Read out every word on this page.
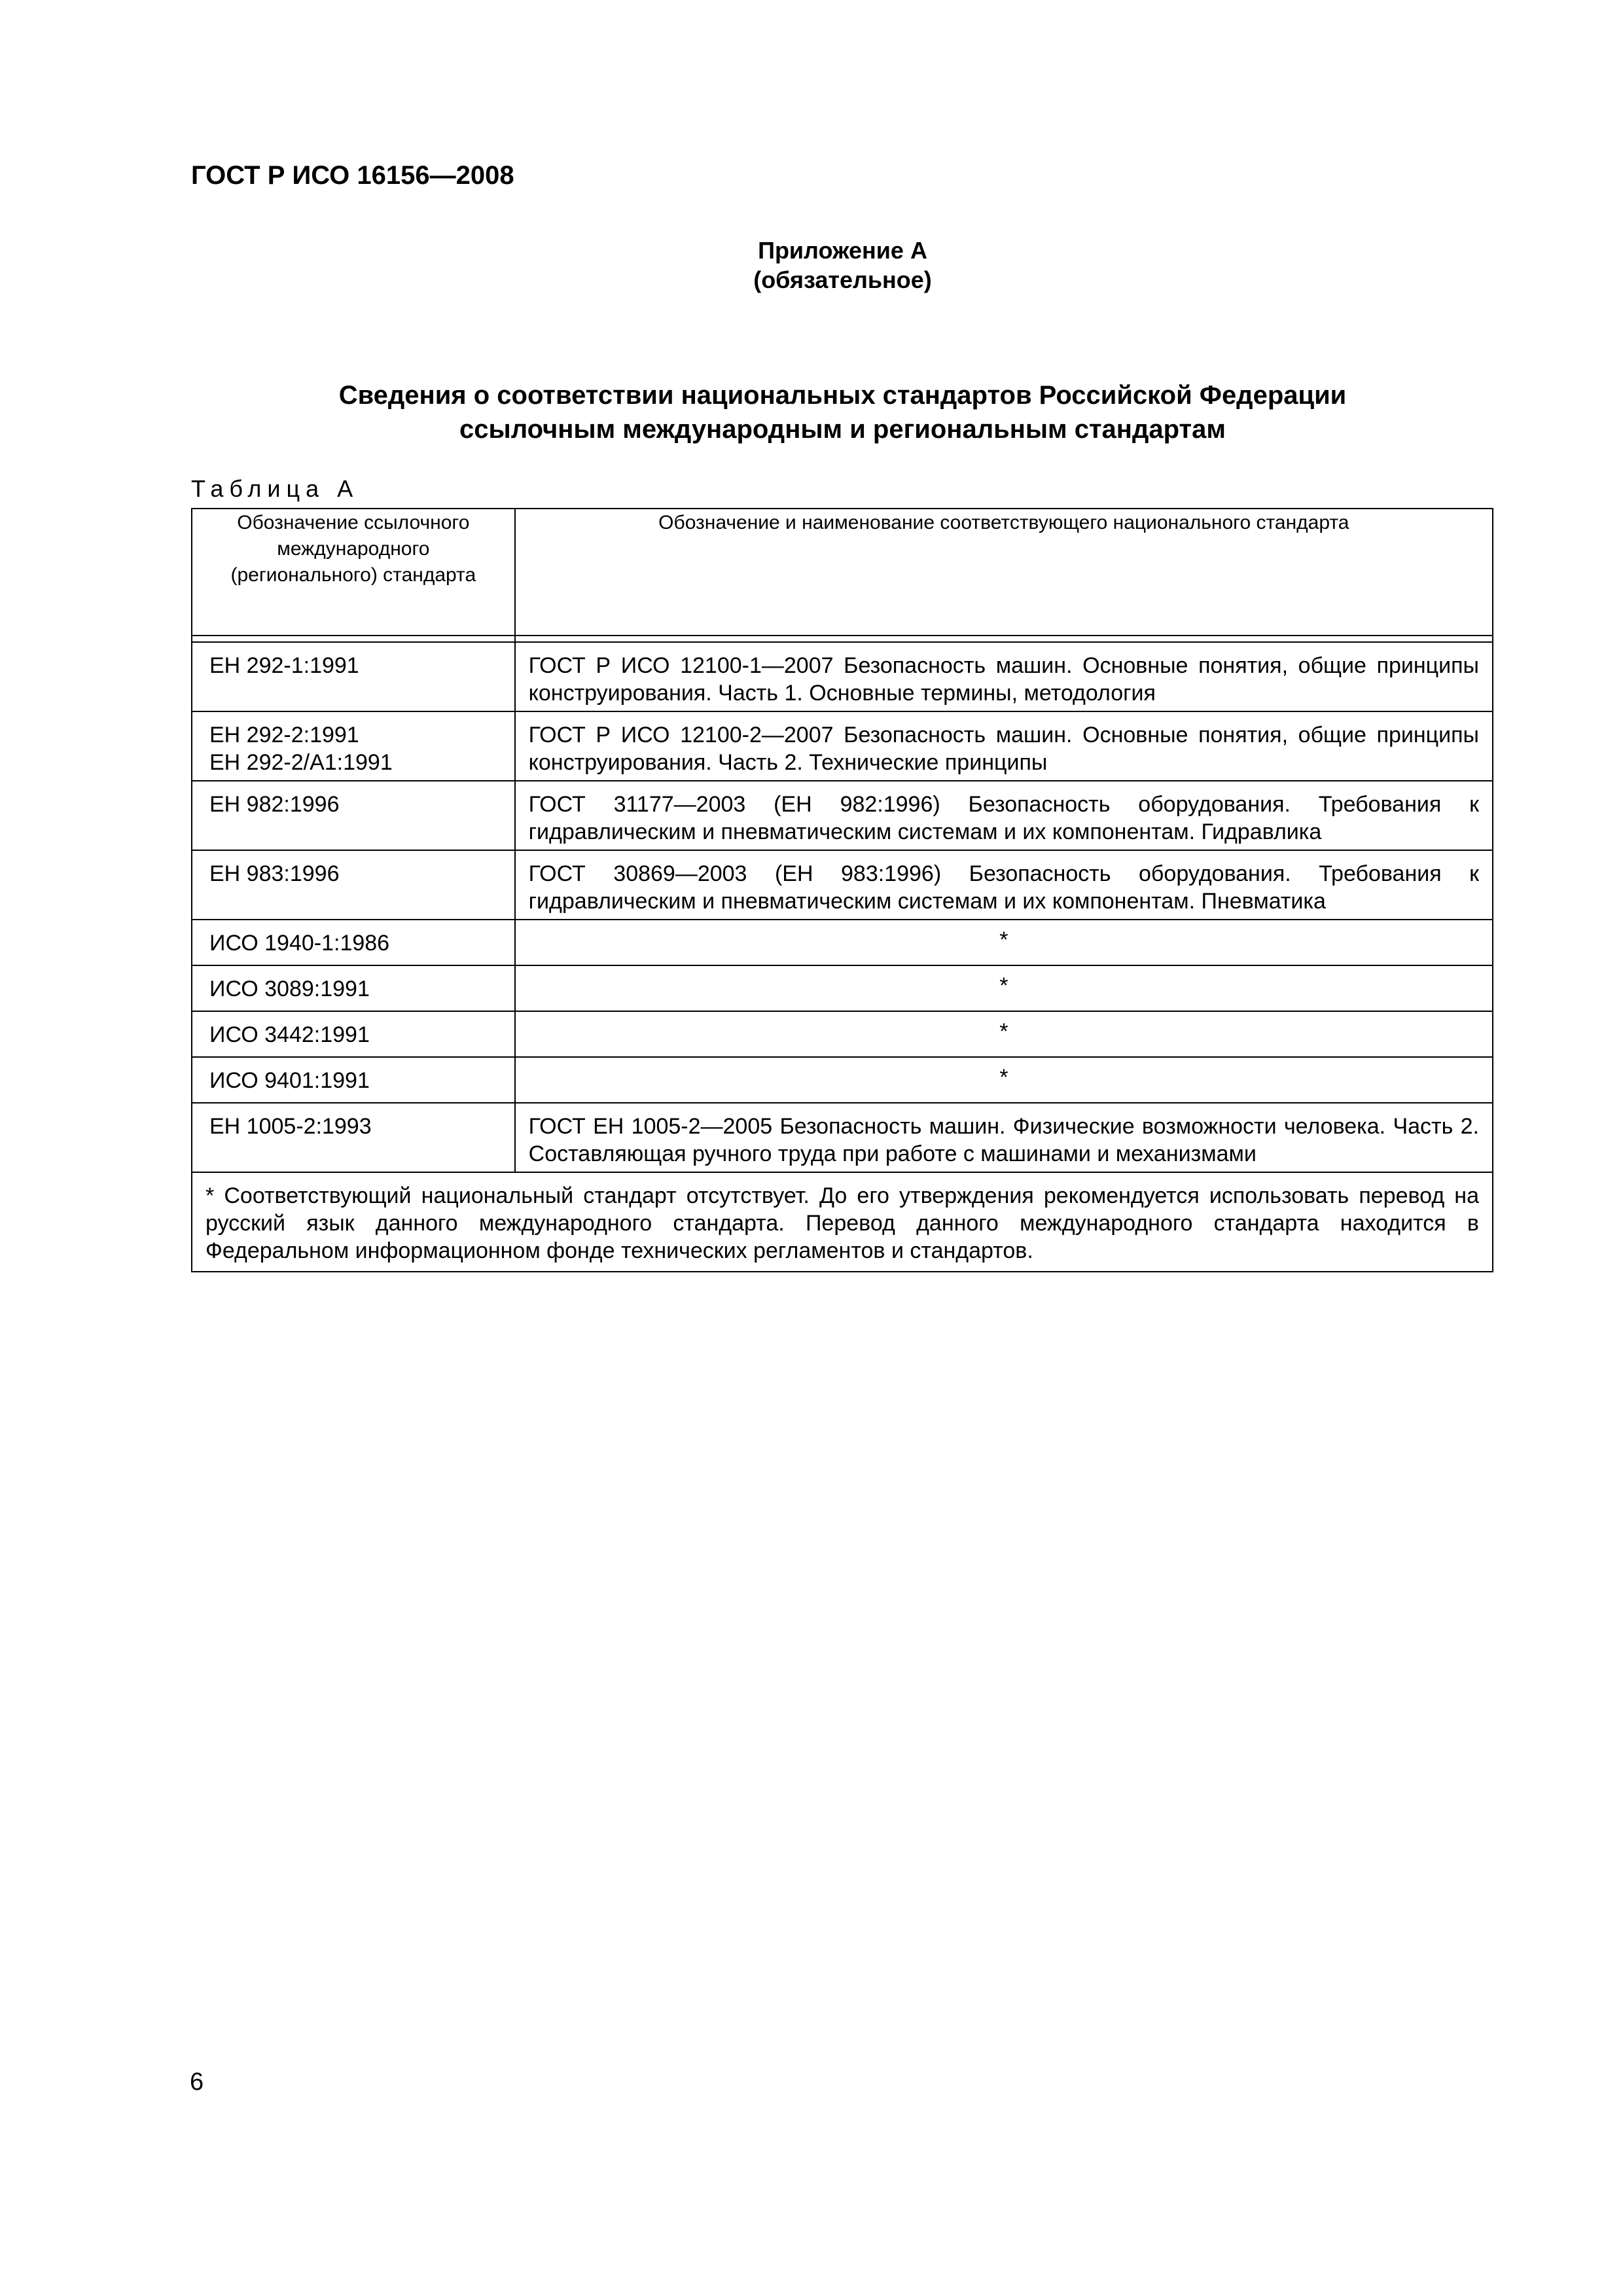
ГОСТ Р ИСО 16156—2008
Приложение А
(обязательное)
Сведения о соответствии национальных стандартов Российской Федерации
ссылочным международным и региональным стандартам
Таблица А
Обозначение ссылочного
международного
(регионального) стандарта	Обозначение и наименование соответствующего национального стандарта

ЕН 292-1:1991	ГОСТ Р ИСО 12100-1—2007 Безопасность машин. Основные понятия, общие принципы конструирования. Часть 1. Основные термины, методология

ЕН 292-2:1991
ЕН 292-2/А1:1991	ГОСТ Р ИСО 12100-2—2007 Безопасность машин. Основные понятия, общие принципы конструирования. Часть 2. Технические принципы

ЕН 982:1996	ГОСТ 31177—2003 (ЕН 982:1996) Безопасность оборудования. Требования к гидравлическим и пневматическим системам и их компонентам. Гидравлика

ЕН 983:1996	ГОСТ 30869—2003 (ЕН 983:1996) Безопасность оборудования. Требования к гидравлическим и пневматическим системам и их компонентам. Пневматика

ИСО 1940-1:1986	*

ИСО 3089:1991	*

ИСО 3442:1991	*

ИСО 9401:1991	*

ЕН 1005-2:1993	ГОСТ ЕН 1005-2—2005 Безопасность машин. Физические возможности человека. Часть 2. Составляющая ручного труда при работе с машинами и механизмами
* Соответствующий национальный стандарт отсутствует. До его утверждения рекомендуется использовать перевод на русский язык данного международного стандарта. Перевод данного международного стандарта находится в Федеральном информационном фонде технических регламентов и стандартов.	
6
